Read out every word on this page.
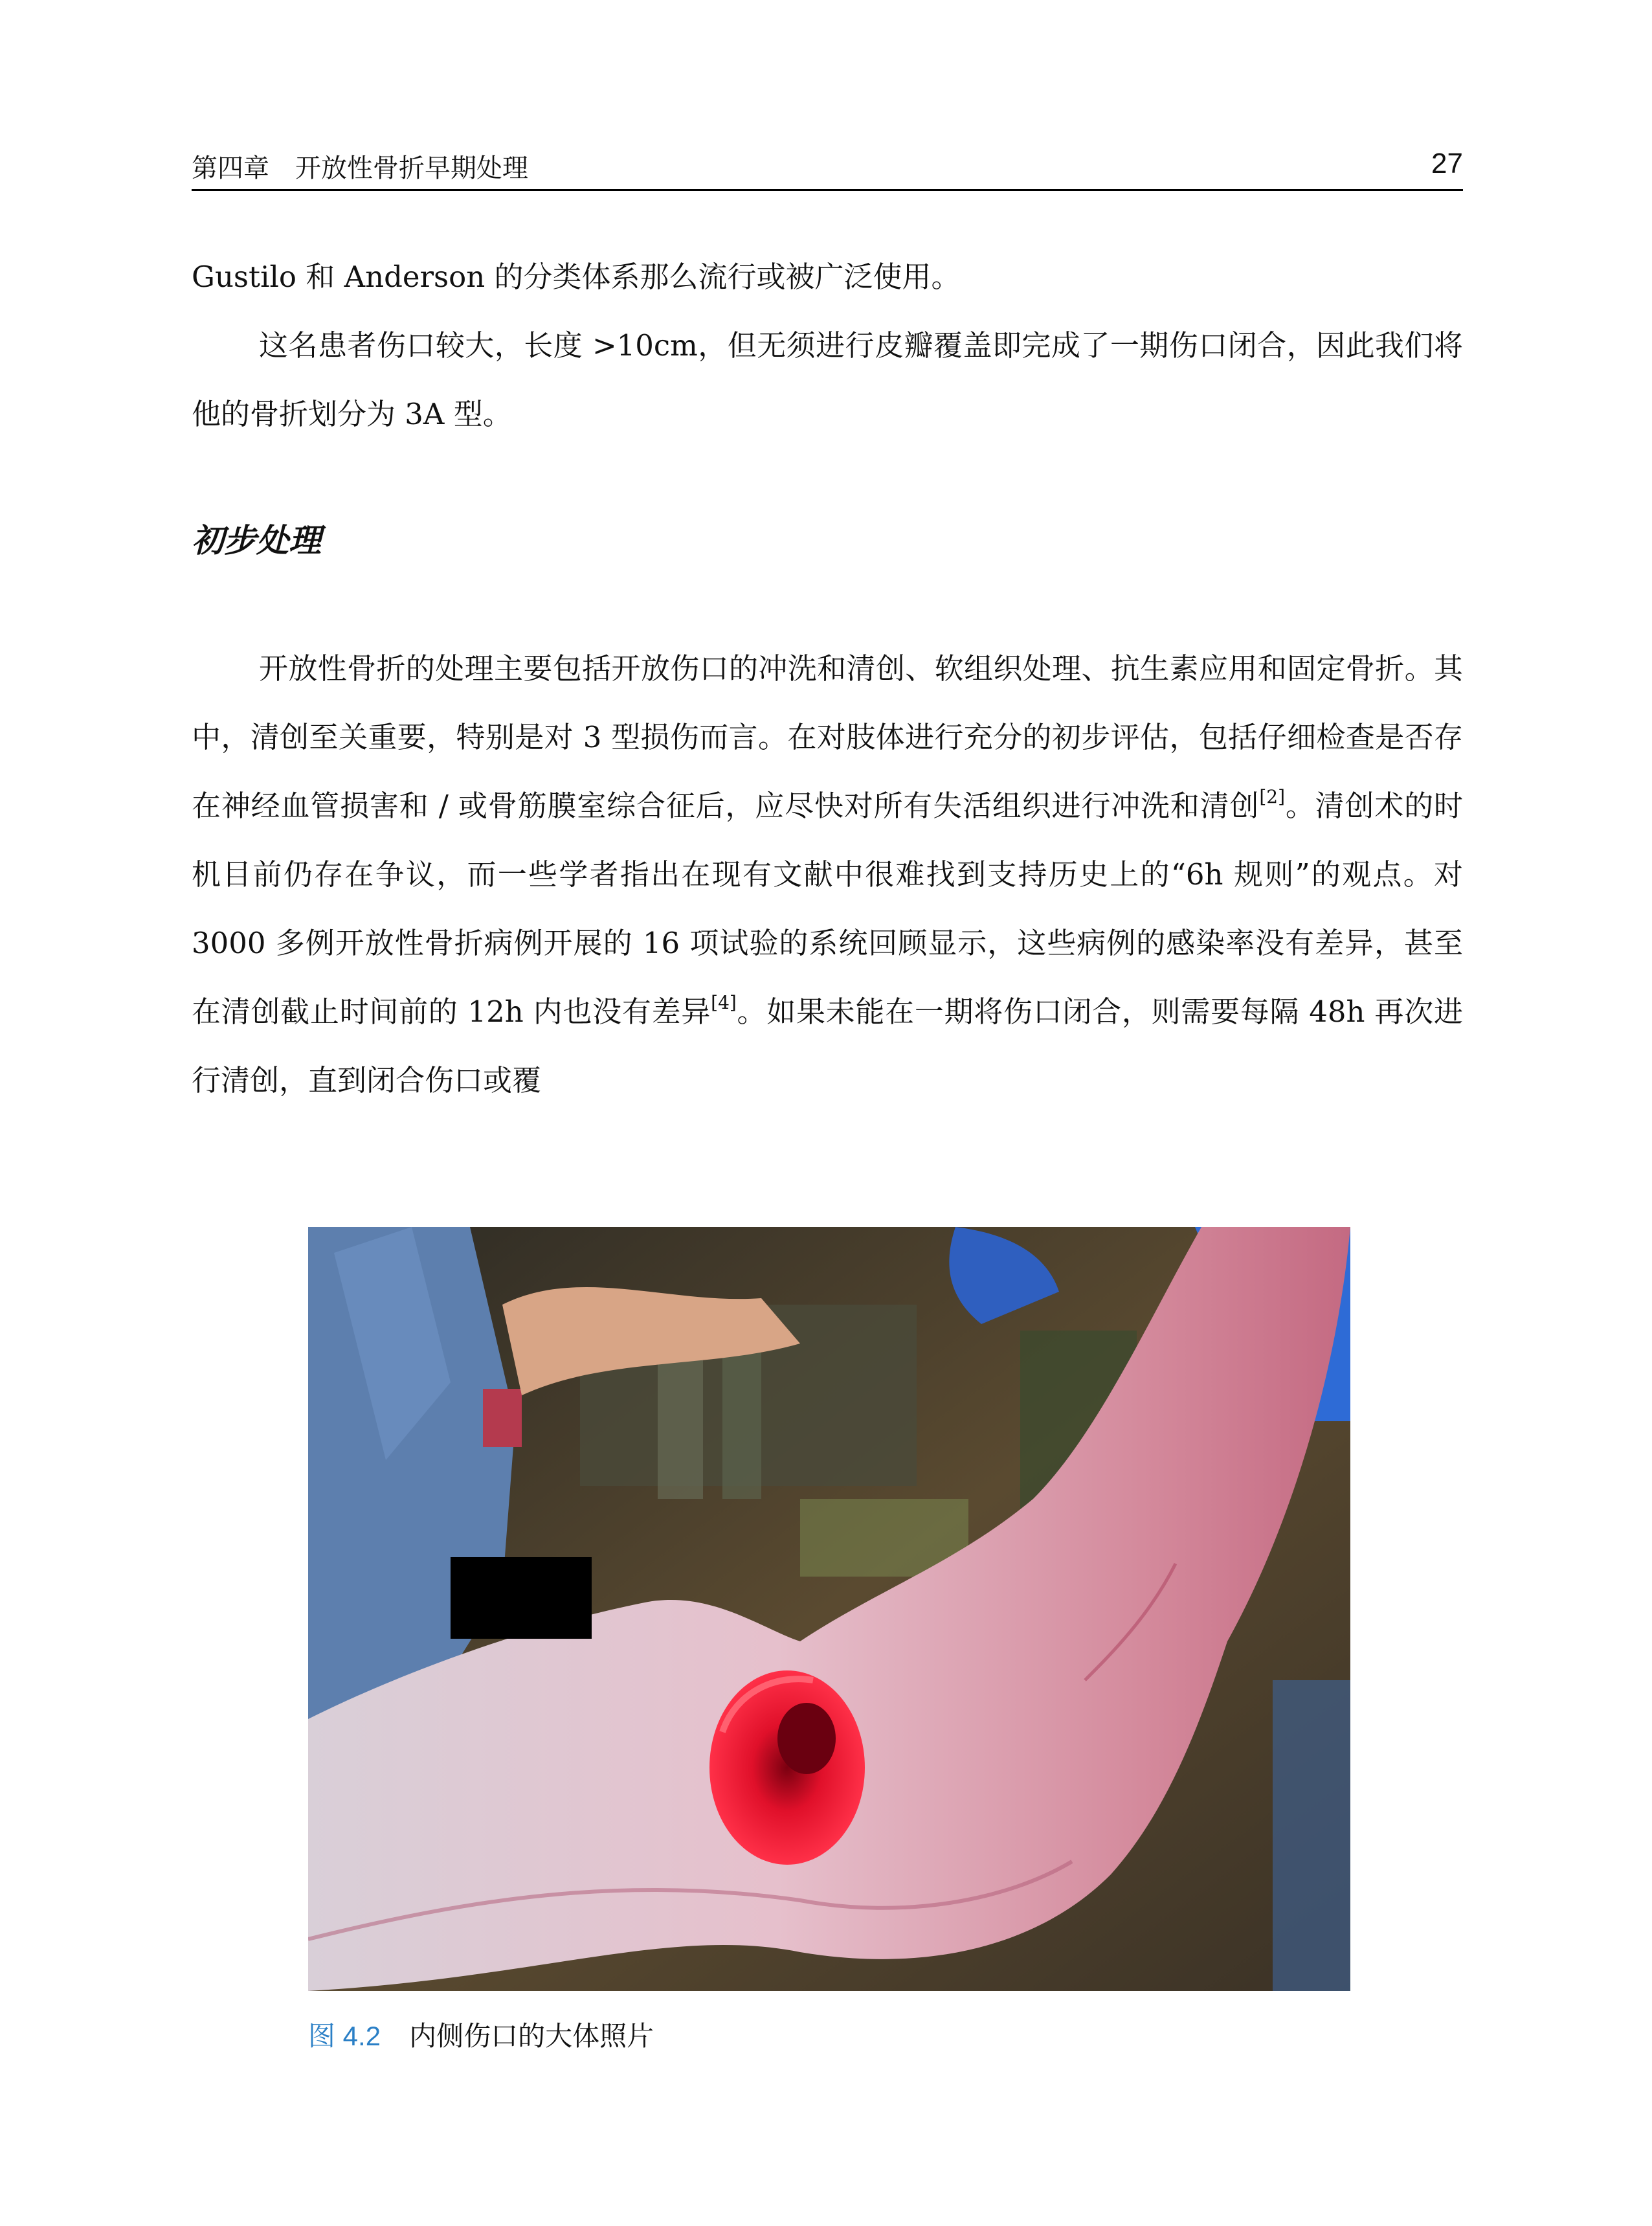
第四章　开放性骨折早期处理	27

Gustilo 和 Anderson 的分类体系那么流行或被广泛使用。

这名患者伤口较大，长度 >10cm，但无须进行皮瓣覆盖即完成了一期伤口闭合，因此我们将他的骨折划分为 3A 型。

初步处理

开放性骨折的处理主要包括开放伤口的冲洗和清创、软组织处理、抗生素应用和固定骨折。其中，清创至关重要，特别是对 3 型损伤而言。在对肢体进行充分的初步评估，包括仔细检查是否存在神经血管损害和 / 或骨筋膜室综合征后，应尽快对所有失活组织进行冲洗和清创[2]。清创术的时机目前仍存在争议，而一些学者指出在现有文献中很难找到支持历史上的“6h 规则”的观点。对 3000 多例开放性骨折病例开展的 16 项试验的系统回顾显示，这些病例的感染率没有差异，甚至在清创截止时间前的 12h 内也没有差异[4]。如果未能在一期将伤口闭合，则需要每隔 48h 再次进行清创，直到闭合伤口或覆

图 4.2 内侧伤口的大体照片
